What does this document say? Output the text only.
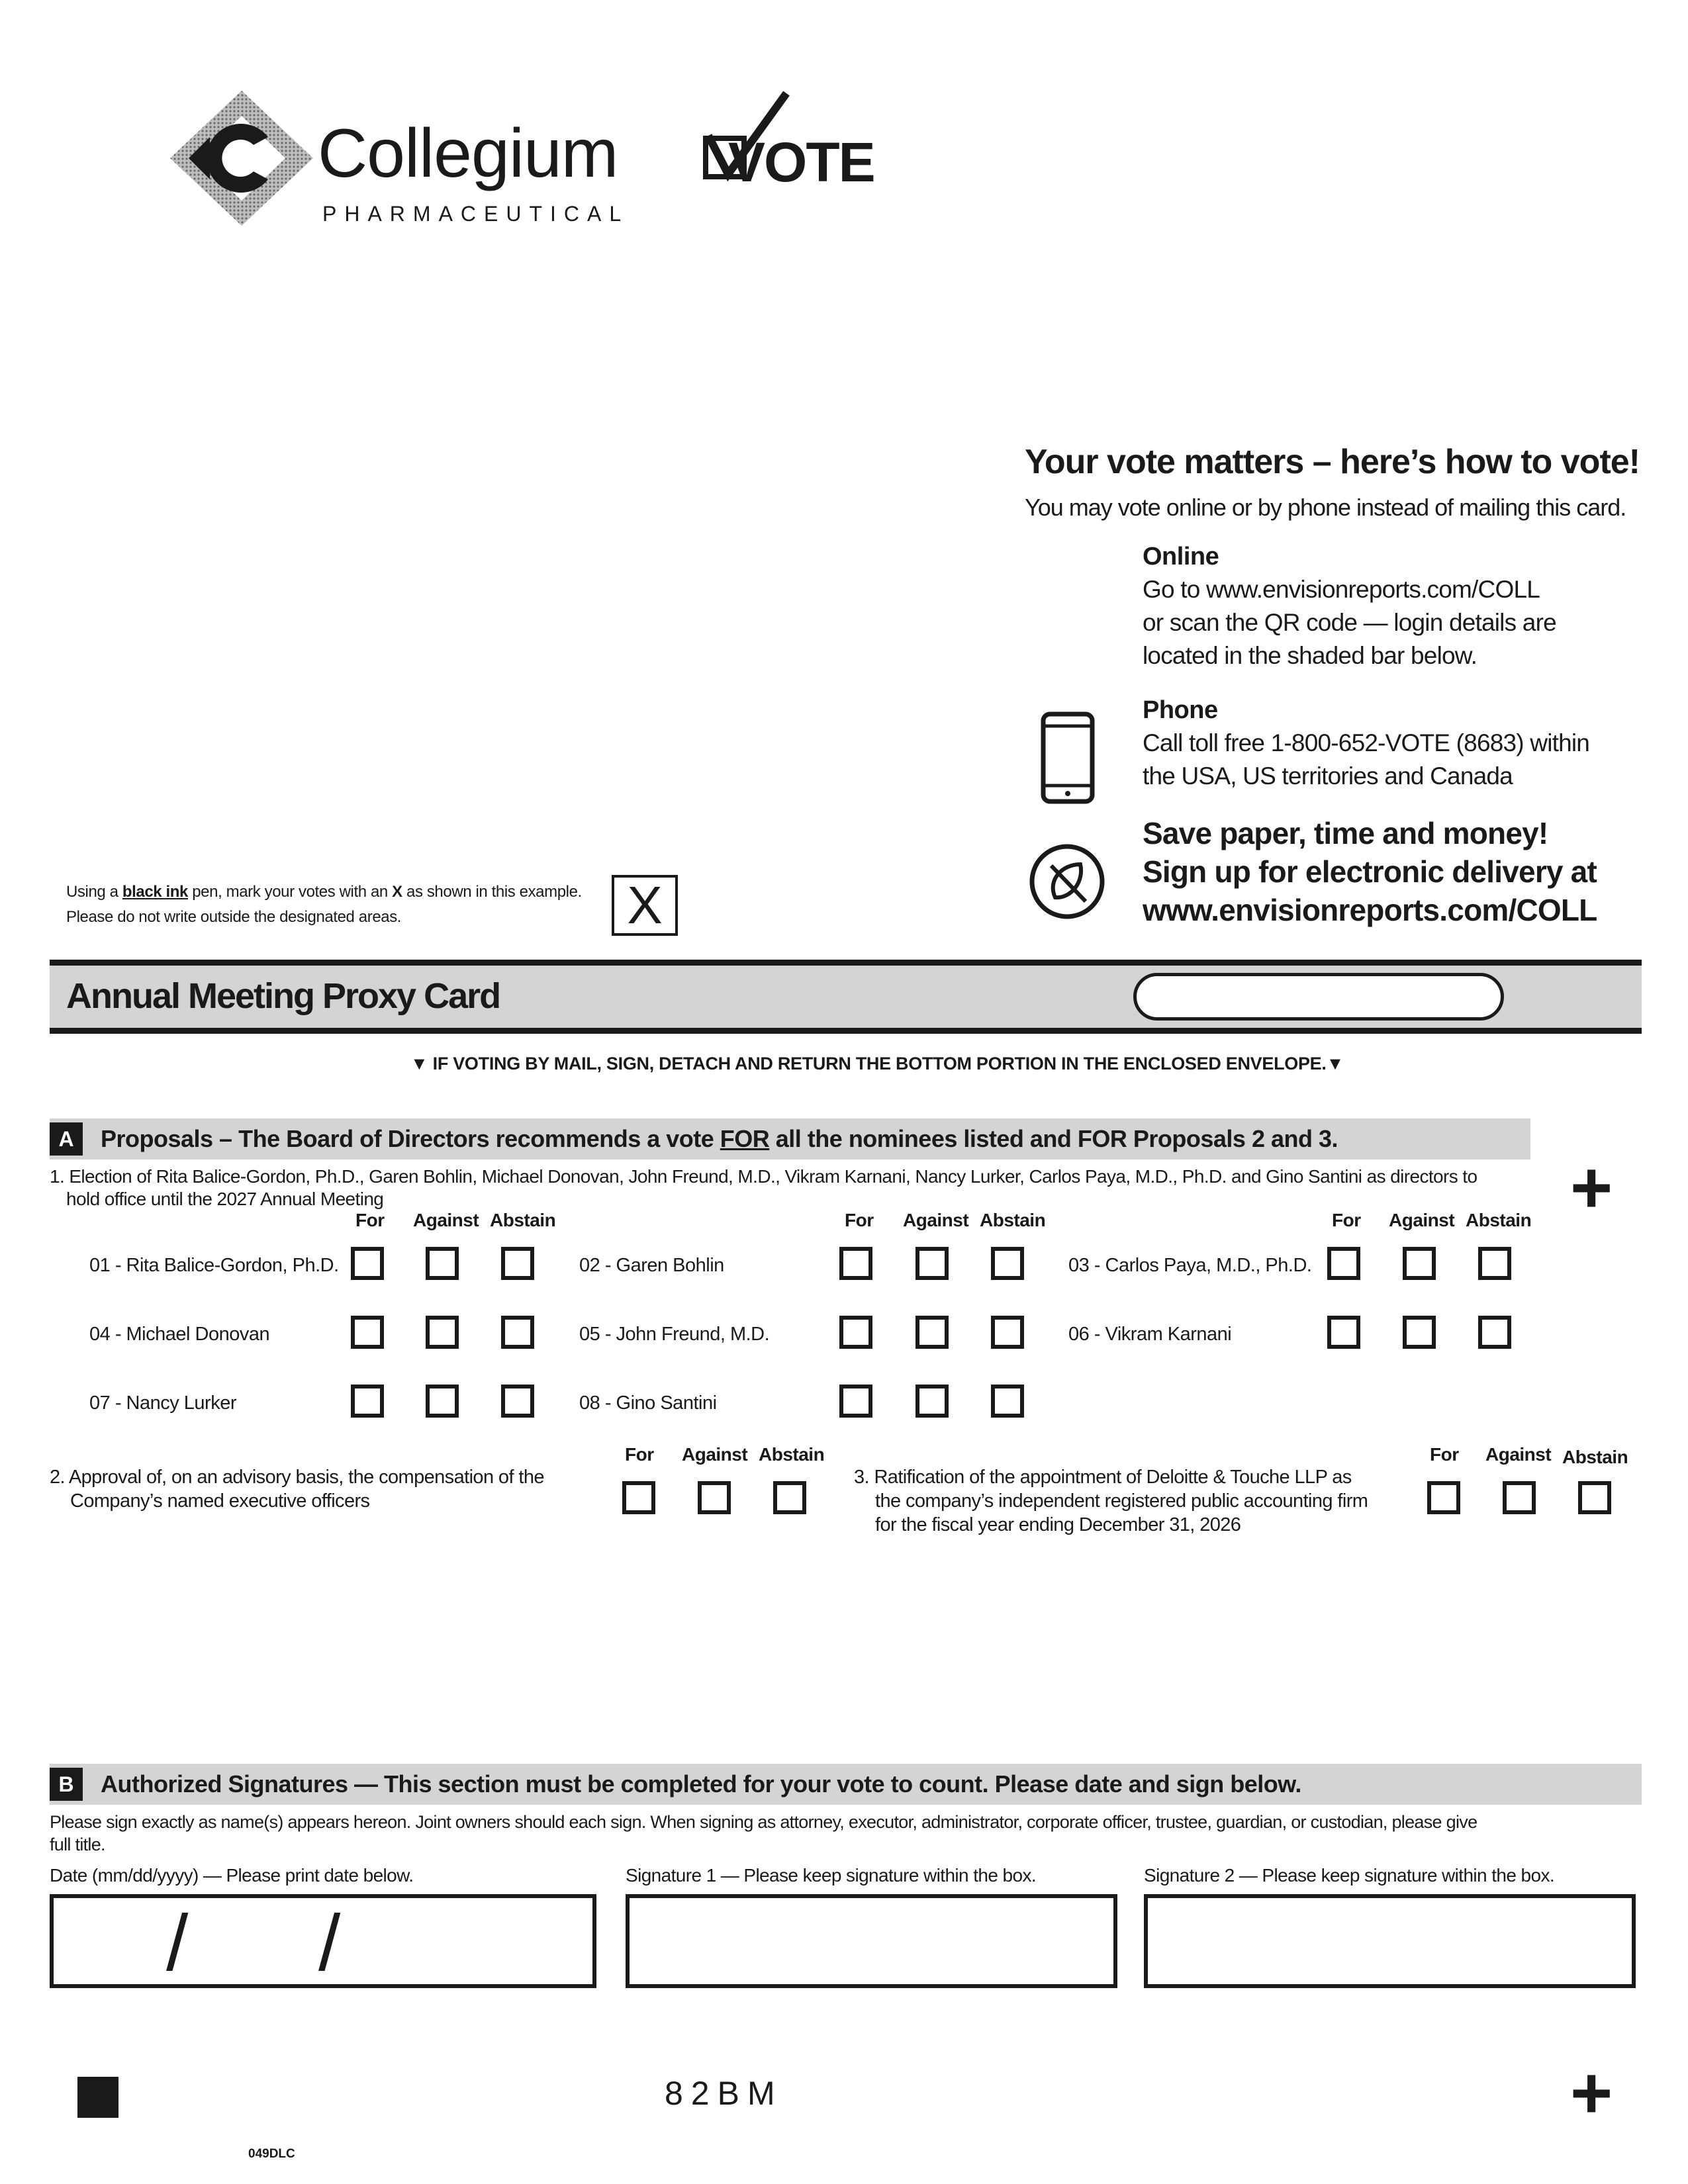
Collegium
PHARMACEUTICAL
VOTE
Your vote matters – here’s how to vote!
You may vote online or by phone instead of mailing this card.
Online
Go to www.envisionreports.com/COLL
or scan the QR code — login details are
located in the shaded bar below.
Phone
Call toll free 1-800-652-VOTE (8683) within
the USA, US territories and Canada
Save paper, time and money!
Sign up for electronic delivery at
www.envisionreports.com/COLL
Using a black ink pen, mark your votes with an X as shown in this example.
Please do not write outside the designated areas.	X
Annual Meeting Proxy Card
▼ IF VOTING BY MAIL, SIGN, DETACH AND RETURN THE BOTTOM PORTION IN THE ENCLOSED ENVELOPE.▼
A	Proposals – The Board of Directors recommends a vote FOR all the nominees listed and FOR Proposals 2 and 3.
+
1. Election of Rita Balice-Gordon, Ph.D., Garen Bohlin, Michael Donovan, John Freund, M.D., Vikram Karnani, Nancy Lurker, Carlos Paya, M.D., Ph.D. and Gino Santini as directors to
hold office until the 2027 Annual Meeting
For Against Abstain	For Against Abstain	For Against Abstain
01 - Rita Balice-Gordon, Ph.D.	02 - Garen Bohlin	03 - Carlos Paya, M.D., Ph.D.
04 - Michael Donovan	05 - John Freund, M.D.	06 - Vikram Karnani
07 - Nancy Lurker	08 - Gino Santini
For Against Abstain
2. Approval of, on an advisory basis, the compensation of the
Company’s named executive officers
For Against Abstain
3. Ratification of the appointment of Deloitte & Touche LLP as
the company’s independent registered public accounting firm
for the fiscal year ending December 31, 2026
B	Authorized Signatures — This section must be completed for your vote to count. Please date and sign below.
Please sign exactly as name(s) appears hereon. Joint owners should each sign. When signing as attorney, executor, administrator, corporate officer, trustee, guardian, or custodian, please give
full title.
Date (mm/dd/yyyy) — Please print date below.	Signature 1 — Please keep signature within the box.	Signature 2 — Please keep signature within the box.
/ /
82BM	+
049DLC
